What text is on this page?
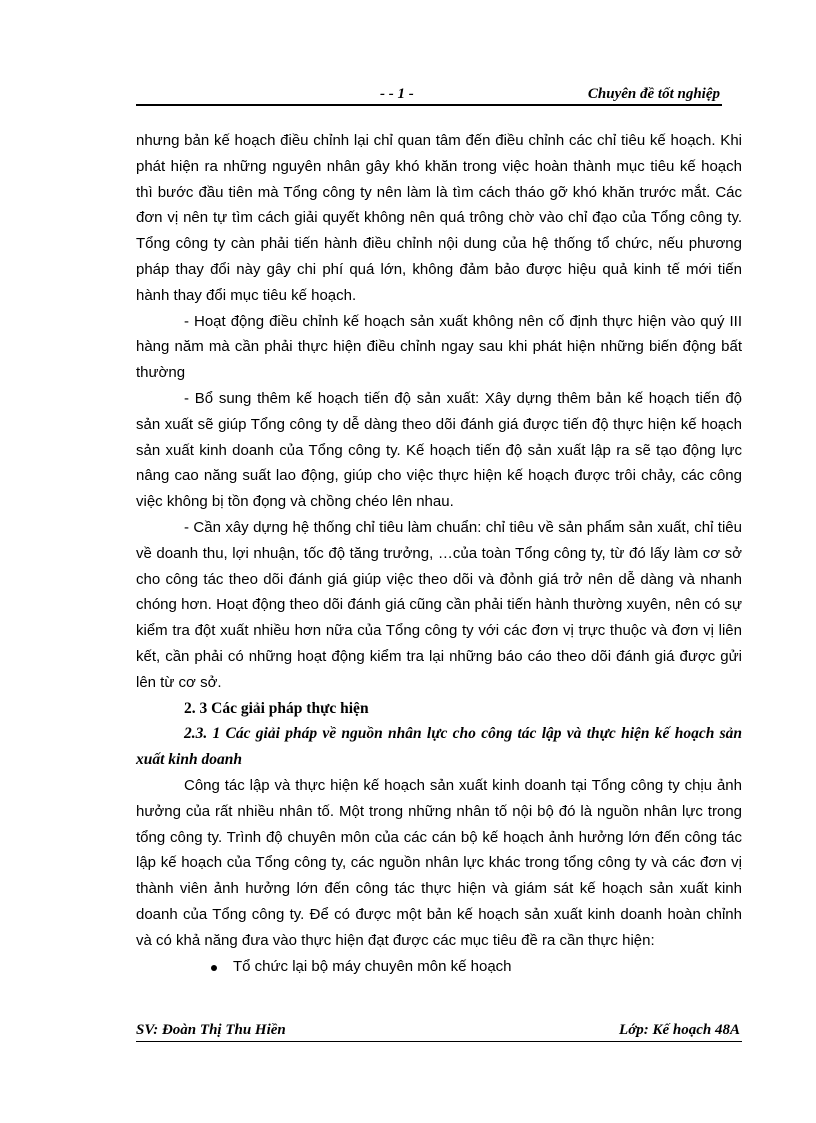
- - 1 -	Chuyên đề tốt nghiệp

nhưng bản kế hoạch điều chỉnh lại chỉ quan tâm đến điều chỉnh các chỉ tiêu kế hoạch. Khi phát hiện ra những nguyên nhân gây khó khăn trong việc hoàn thành mục tiêu kế hoạch thì bước đầu tiên mà Tổng công ty nên làm là tìm cách tháo gỡ khó khăn trước mắt. Các đơn vị nên tự tìm cách giải quyết không nên quá trông chờ vào chỉ đạo của Tổng công ty. Tổng công ty càn phải tiến hành điều chỉnh nội dung của hệ thống tổ chức, nếu phương pháp thay đổi này gây chi phí quá lớn, không đảm bảo được hiệu quả kinh tế mới tiến hành thay đổi mục tiêu kế hoạch.

- Hoạt động điều chỉnh kế hoạch sản xuất không nên cố định thực hiện vào quý III hàng năm mà cần phải thực hiện điều chỉnh ngay sau khi phát hiện những biến động bất thường

- Bổ sung thêm kế hoạch tiến độ sản xuất: Xây dựng thêm bản kế hoạch tiến độ sản xuất sẽ giúp Tổng công ty dễ dàng theo dõi đánh giá được tiến độ thực hiện kế hoạch sản xuất kinh doanh của Tổng công ty. Kế hoạch tiến độ sản xuất lập ra sẽ tạo động lực nâng cao năng suất lao động, giúp cho việc thực hiện kế hoạch được trôi chảy, các công việc không bị tồn đọng và chồng chéo lên nhau.

- Cần xây dựng hệ thống chỉ tiêu làm chuẩn: chỉ tiêu về sản phẩm sản xuất, chỉ tiêu về doanh thu, lợi nhuận, tốc độ tăng trưởng, …của toàn Tổng công ty, từ đó lấy làm cơ sở cho công tác theo dõi đánh giá giúp việc theo dõi và đỏnh giá trở nên dễ dàng và nhanh chóng hơn. Hoạt động theo dõi đánh giá cũng cần phải tiến hành thường xuyên, nên có sự kiểm tra đột xuất nhiều hơn nữa của Tổng công ty với các đơn vị trực thuộc và đơn vị liên kết, cần phải có những hoạt động kiểm tra lại những báo cáo theo dõi đánh giá được gửi lên từ cơ sở.

2. 3 Các giải pháp thực hiện

2.3. 1 Các giải pháp về nguồn nhân lực cho công tác lập và thực hiện kế hoạch sản xuất kinh doanh

Công tác lập và thực hiện kế hoạch sản xuất kinh doanh tại Tổng công ty chịu ảnh hưởng của rất nhiều nhân tố. Một trong những nhân tố nội bộ đó là nguồn nhân lực trong tổng công ty. Trình độ chuyên môn của các cán bộ kế hoạch ảnh hưởng lớn đến công tác lập kế hoạch của Tổng công ty, các nguồn nhân lực khác trong tổng công ty và các đơn vị thành viên ảnh hưởng lớn đến công tác thực hiện và giám sát kế hoạch sản xuất kinh doanh của Tổng công ty. Để có được một bản kế hoạch sản xuất kinh doanh hoàn chỉnh và có khả năng đưa vào thực hiện đạt được các mục tiêu đề ra cần thực hiện:

Tổ chức lại bộ máy chuyên môn kế hoạch
SV: Đoàn Thị Thu Hiền	Lớp: Kế hoạch 48A
